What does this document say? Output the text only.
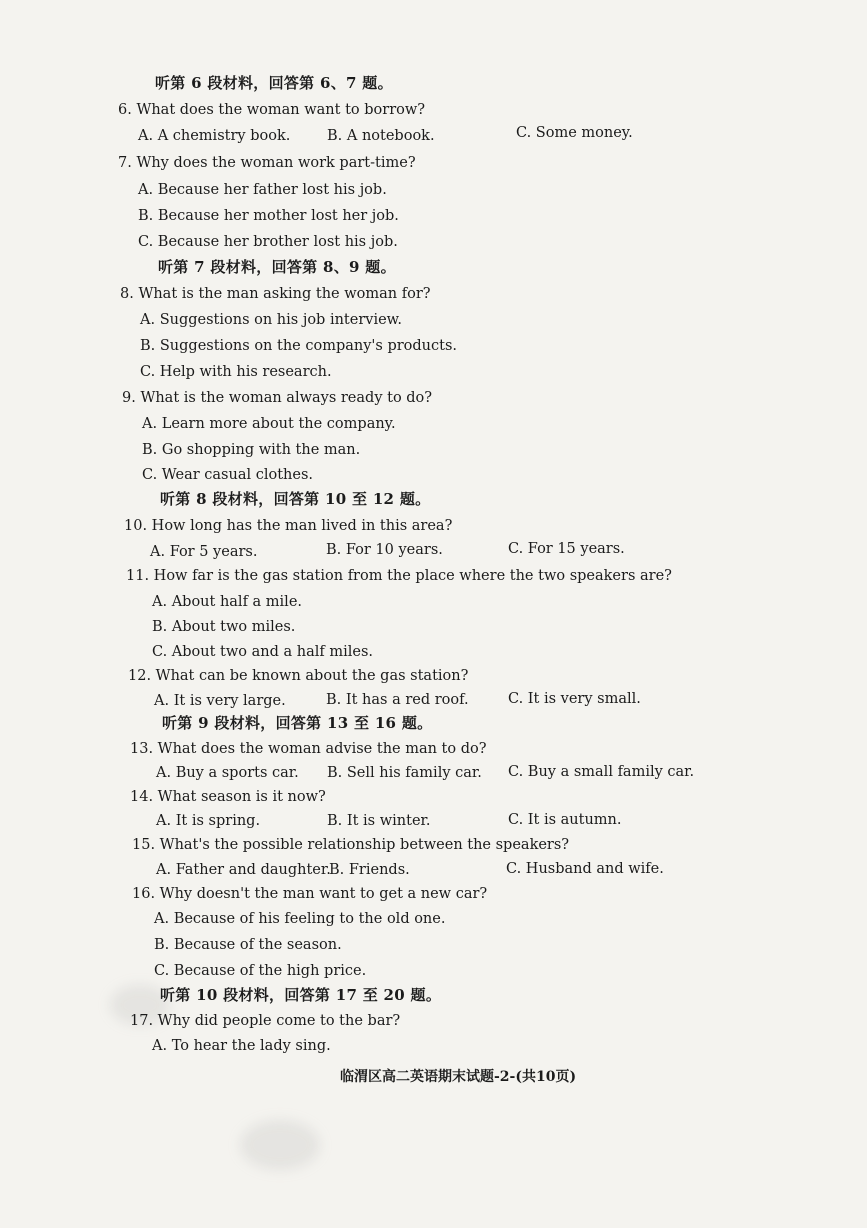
听第 6 段材料，回答第 6、7 题。
6. What does the woman want to borrow?
A. A chemistry book.	B. A notebook.	C. Some money.
7. Why does the woman work part-time?
A. Because her father lost his job.
B. Because her mother lost her job.
C. Because her brother lost his job.
听第 7 段材料，回答第 8、9 题。
8. What is the man asking the woman for?
A. Suggestions on his job interview.
B. Suggestions on the company's products.
C. Help with his research.
9. What is the woman always ready to do?
A. Learn more about the company.
B. Go shopping with the man.
C. Wear casual clothes.
听第 8 段材料，回答第 10 至 12 题。
10. How long has the man lived in this area?
A. For 5 years.	B. For 10 years.	C. For 15 years.
11. How far is the gas station from the place where the two speakers are?
A. About half a mile.
B. About two miles.
C. About two and a half miles.
12. What can be known about the gas station?
A. It is very large.	B. It has a red roof.	C. It is very small.
听第 9 段材料，回答第 13 至 16 题。
13. What does the woman advise the man to do?
A. Buy a sports car. B. Sell his family car. C. Buy a small family car.
14. What season is it now?
A. It is spring.	B. It is winter.	C. It is autumn.
15. What's the possible relationship between the speakers?
A. Father and daughter.
B. Friends.	C. Husband and wife.
16. Why doesn't the man want to get a new car?
A. Because of his feeling to the old one.
B. Because of the season.
C. Because of the high price.
听第 10 段材料，回答第 17 至 20 题。
17. Why did people come to the bar?
A. To hear the lady sing.
临渭区高二英语期末试题-2-(共10页)
